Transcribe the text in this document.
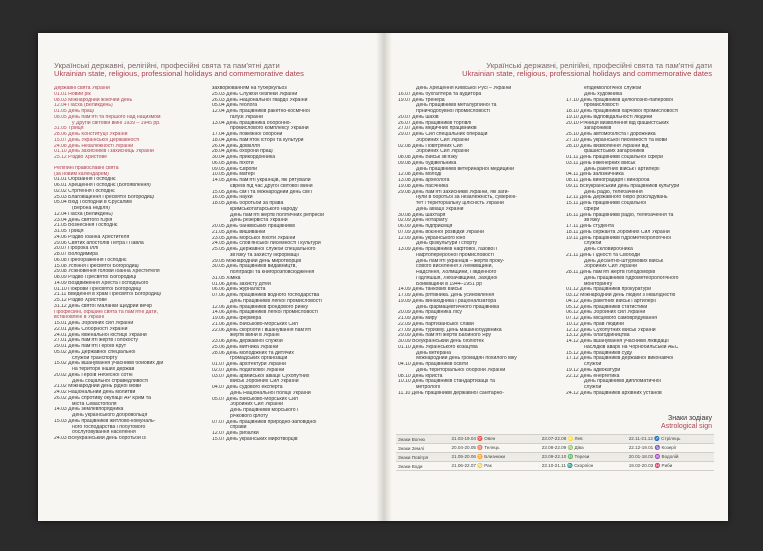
Українські державні, релігійні, професійні свята та пам'ятні дати
Ukrainian state, religious, professional holidays and commemorative dates
Державні свята України
01.01 Новий рік
08.03 Міжнародний жіночий день
12.04 Пасха (Великдень)
01.05 День праці
08.05 День пам'яті та першого над нацизмом
у Другій світовій війні 1939 – 1945 рр.
31.05 Трійця
28.06 День Конституції України
15.07 День Української Державності
24.08 День Незалежності України
01.10 День захисників і захисниць України
25.12 Різдво Христове
Релігійні православні свята
(за новим календарем)
01.01 Обрізання Господнє
06.01 Хрещення Господнє (Богоявлення)
02.02 Стрітення Господнє
25.03 Благовіщення Пресвятої Богородиці
05.04 Вхід Господній в Єрусалим
(Вербна неділя)
12.04 Пасха (Великдень)
23.04 День святого Юрія
21.05 Вознесіння Господнє
31.05 Трійця
24.06 Різдво Іоанна Хрестителя
29.06 Святих апостолів Петра і Павла
20.07 Пророка Іллі
28.07 Володимира
06.08 Преображення Господнє
15.08 Успіння Пресвятої Богородиці
29.08 Усікновення голови Іоанна Хрестителя
08.09 Різдво Пресвятої Богородиці
14.09 Воздвиження Хреста Господнього
01.10 Покрови Пресвятої Богородиці
21.11 Введення в храм Пресвятої Богородиці
25.12 Різдво Христове
31.12 День святої Маланки Щедрий вечір
Професійні, офіційні свята та пам'ятні дати,
встановлені в Україні
15.01 День Збройних сил України
22.01 День Соборності України
24.01 День ювенальної юстиції України
27.01 День пам'яті жертв Голокосту
29.01 День пам'яті Героїв Крут
05.02 День Державної спеціальної
служби транспорту
15.02 День вшанування учасників бойових дій
на території інших держав
20.02 День Героїв Небесної сотні
День соціальної справедливості
21.02 Міжнародний день рідної мови
24.02 Національний день молитви
26.02 День спротиву окупації АР Крим та
міста Севастополя
14.03 День землевпорядника
День українського добровольця
15.03 День працівників житлово-комуналь-
ного господарства і побутового
обслуговування населення
24.03 Всеукраїнський день боротьби із
захворюванням на туберкульоз
25.03 День Служби безпеки України
26.03 День Національної гвардії України
05.04 День геолога
12.04 День працівників ракетно-космічної
галузі України
13.04 День працівника оборонно-
промислового комплексу України
17.04 День пожежної охорони
18.04 День пам'яток історії та культури
26.04 День довкілля
28.04 День охорони праці
30.04 День прикордонника
06.05 День піхоти
09.05 День Європи
10.05 День матері
14.05 День пам'яті українців, які рятували
євреїв під час Другої світової війни
15.05 День сім'ї та Міжнародний день сім'ї
16.05 День науки
18.05 День боротьби за права
кримськотатарського народу
День пам'яті жертв політичних репресій
День резервіста України
20.05 День банківських працівників
21.05 День вишиванки
23.05 День морської піхоти України
24.05 День слов'янської писемності і культури
25.05 День Державної служби спеціального
зв'язку та захисту інформації
29.05 Міжнародний день миротворців
30.05 День працівників видавництв,
поліграфії та книгорозповсюдження
31.05 Хіміка
01.06 День захисту дітей
06.06 День журналіста
07.06 День працівників водного господарства
День працівників легкої промисловості
12.06 День працівників фондового ринку
14.06 День працівників легкої промисловості
19.06 День фермера
21.06 День Військово-Морських Сил
22.06 День скорботи і вшанування пам'яті
жертв війни в Україні
23.06 День державної служби
25.06 День митника України
28.06 День молодіжних та дитячих
громадських організацій
01.07 День архітектури України
02.07 День податкової України
03.07 День армійської авіації Сухопутних
військ Збройних Сил України
04.07 День судового експерта
День Національної поліції України
05.07 День Військово-Морських Сил
Збройних Сил України
День працівників морського і
річкового флоту
07.07 День працівників природно-заповідної
справи
12.07 День рибалки
15.07 День українських миротворців
Українські державні, релігійні, професійні свята та пам'ятні дати
Ukrainian state, religious, professional holidays and commemorative dates
День Хрещення Київської Русі – України
16.07 День бухгалтера та аудитора
19.07 День тренера
День працівників металургійної та
гірничодобувної промисловості
20.07 День шахів
26.07 День працівників торгівлі
27.07 День медичних працівників
29.07 День Сил спеціальних операцій
Збройних Сил України
02.08 День Повітряних Сил
Збройних Сил України
08.08 День Військ зв'язку
09.08 День будівельника
День працівників ветеринарної медицини
12.08 День молоді
13.08 День археолога
19.08 День пасічника
29.08 День пам'яті захисників України, які заги-
нули в боротьбі за незалежність, суверені-
тет і територіальну цілісність України
День авіації України
30.08 День шахтаря
02.09 День нотаріату
06.09 День підприємця
07.09 День воєнної розвідки України
12.09 День українського кіно
День фізкультури і спорту
13.09 День працівників нафтової, газової і
нафтопереробної промисловості
День пам'яті українців – жертв проку-
сового виселення з Лемківщини,
Надсяння, Холмщини, Південного
Підляшшя, Любачівщини, Західної
Бойківщини в 1944–1951 рр
14.09 День танкових військ
17.09 День рятівника. День усиновлення
19.09 День винахідника і раціоналізатора
День фармацевтичного працівника
20.09 День працівника лісу
21.09 День миру
22.09 День партизанської слави
27.09 День туризму. День машинобудівника
29.09 День пам'яті жертв Бабиного Яру
30.09 Всеукраїнський день бібліотек
01.10 День Українського козацтва
День ветерана
Міжнародний день громадян похилого віку
04.10 День працівників освіти
День територіальної оборони України
08.10 День юриста
10.10 День працівників стандартизації та
метрології
11.10 День працівників державної санітарно-
епідеміологічної служби
День художника
17.10 День працівників целюлозно-паперової
промисловості
18.10 День працівників харчової промисловості
19.10 День відповідальності людини
20.10 Річниця визволення від фашистських
загарбників
25.10 День автомобіліста і дорожника
27.10 День української писемності та мови
28.10 День визволення України від
фашистських загарбників
01.11 День працівників соціальної сфери
03.11 День інженерних військ
День ракетних військ і артилерії
04.11 День залізничника
08.11 День виноградаря і винороба
09.11 Всеукраїнський день працівників культури
День радіо, телебачення
12.11 День Державного бюро розслідувань
15.11 День працівників соціальної
сфери
16.11 День працівників радіо, телебачення та
зв'язку
17.11 День студента
18.11 День сержанта Збройних Сил України
19.11 День працівників гідрометеорологічної
служби
День скловиробника
21.11 День Гідності та Свободи
День Десантно-штурмових військ
Збройних Сил України
28.11 День пам'яті жертв голодоморів
День працівників гідрометеорологічного
моніторингу
01.12 День працівників прокуратури
03.12 Міжнародний день людей з інвалідністю
04.12 День ракетних військ і артилерії
05.12 День працівників статистики
06.12 День Збройних сил України
07.12 День місцевого самоврядування
10.12 День прав людини
12.12 День Сухопутних військ України
13.12 День благодійництва
14.12 День вшанування учасників ліквідації
наслідків аварії на Чорнобильській АЕС
15.12 День працівників суду
17.12 День працівників державної виконавчої
служби
19.12 День адвокатури
22.12 День енергетика
День працівників дипломатичної
служби
24.12 День працівників архівних установ
Знаки зодіаку
Astrological sign
Знаки Вогню	21.03-19.04 ♈ Овен	23.07-22.08 ♌ Лев	22.11-21.12 ♐ Стрілець
Знаки Землі	20.04-20.05 ♉ Телець	23.08-22.09 ♍ Діва	22.12-19.01 ♑ Козеріг
Знаки Повітря	21.05-20.06 ♊ Близнюки	23.09-22.10 ♎ Терези	20.01-18.02 ♒ Водолій
Знаки Води	21.06-22.07 ♋ Рак	23.10-21.11 ♏ Скорпіон	19.02-20.03 ♓ Риби
